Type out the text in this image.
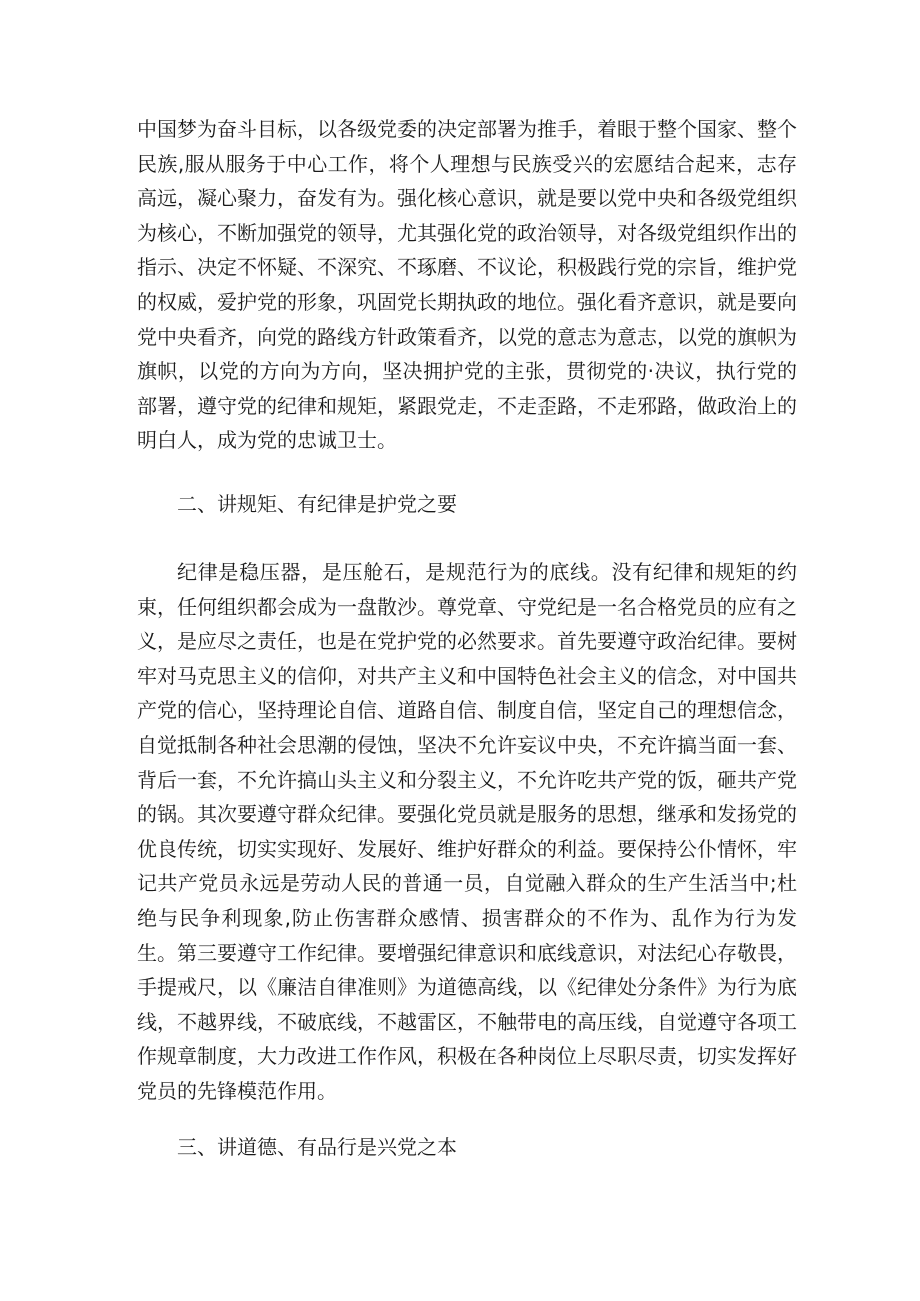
中国梦为奋斗目标，以各级党委的决定部署为推手，着眼于整个国家、整个民族,服从服务于中心工作，将个人理想与民族受兴的宏愿结合起来，志存高远，凝心聚力，奋发有为。强化核心意识，就是要以党中央和各级党组织为核心，不断加强党的领导，尤其强化党的政治领导，对各级党组织作出的指示、决定不怀疑、不深究、不琢磨、不议论，积极践行党的宗旨，维护党的权威，爱护党的形象，巩固党长期执政的地位。强化看齐意识，就是要向党中央看齐，向党的路线方针政策看齐，以党的意志为意志，以党的旗帜为旗帜，以党的方向为方向，坚决拥护党的主张，贯彻党的·决议，执行党的部署，遵守党的纪律和规矩，紧跟党走，不走歪路，不走邪路，做政治上的明白人，成为党的忠诚卫士。

二、讲规矩、有纪律是护党之要

纪律是稳压器，是压舱石，是规范行为的底线。没有纪律和规矩的约束，任何组织都会成为一盘散沙。尊党章、守党纪是一名合格党员的应有之义，是应尽之责任，也是在党护党的必然要求。首先要遵守政治纪律。要树牢对马克思主义的信仰，对共产主义和中国特色社会主义的信念，对中国共产党的信心，坚持理论自信、道路自信、制度自信，坚定自己的理想信念，自觉抵制各种社会思潮的侵蚀，坚决不允许妄议中央，不充许搞当面一套、背后一套，不允许搞山头主义和分裂主义，不允许吃共产党的饭，砸共产党的锅。其次要遵守群众纪律。要强化党员就是服务的思想，继承和发扬党的优良传统，切实实现好、发展好、维护好群众的利益。要保持公仆情怀，牢记共产党员永远是劳动人民的普通一员，自觉融入群众的生产生活当中;杜绝与民争利现象,防止伤害群众感情、损害群众的不作为、乱作为行为发生。第三要遵守工作纪律。要增强纪律意识和底线意识，对法纪心存敬畏，手提戒尺，以《廉洁自律准则》为道德高线，以《纪律处分条件》为行为底线，不越界线，不破底线，不越雷区，不触带电的高压线，自觉遵守各项工作规章制度，大力改进工作作风，积极在各种岗位上尽职尽责，切实发挥好党员的先锋模范作用。

三、讲道德、有品行是兴党之本
